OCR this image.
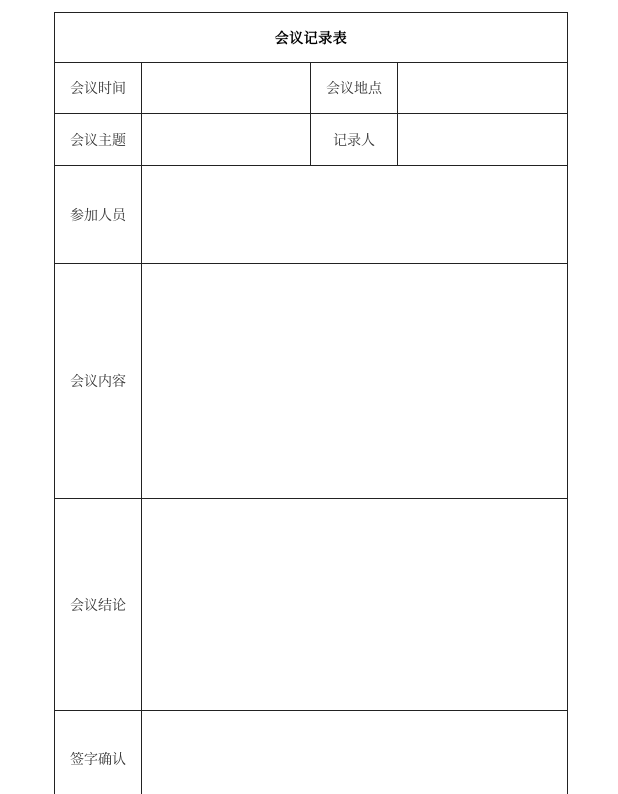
会议记录表			
会议时间		会议地点	
会议主题		记录人	
参加人员			
会议内容			
会议结论			
签字确认			
